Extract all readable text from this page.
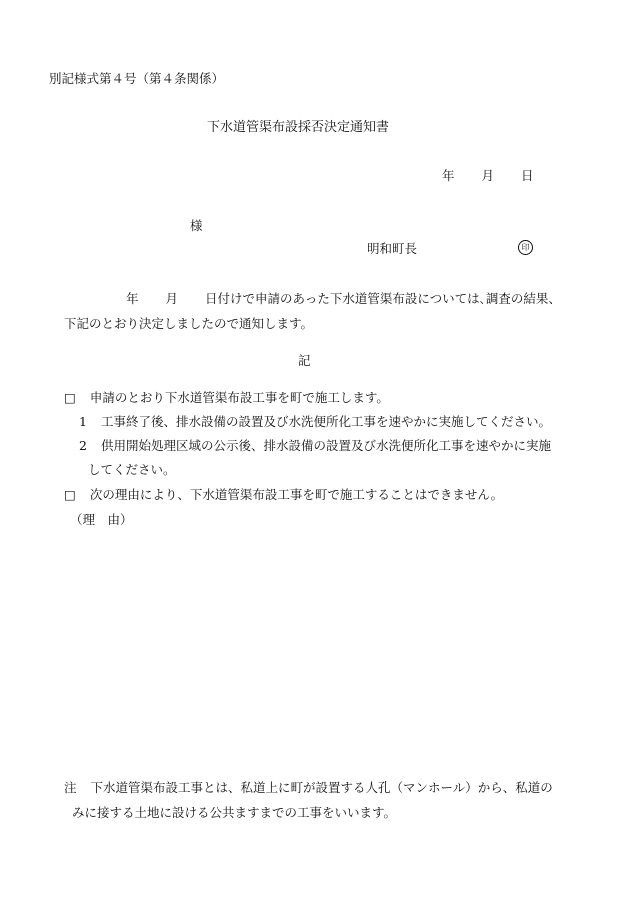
別記様式第４号（第４条関係）
下水道管渠布設採否決定通知書
年 月 日
様
明和町長	印
年 月 日付けで申請のあった下水道管渠布設については､調査の結果、
下記のとおり決定しましたので通知します。
記
□ 申請のとおり下水道管渠布設工事を町で施工します。
1 工事終了後、排水設備の設置及び水洗便所化工事を速やかに実施してください。
2 供用開始処理区域の公示後、排水設備の設置及び水洗便所化工事を速やかに実施
してください。
□ 次の理由により、下水道管渠布設工事を町で施工することはできません。
（理　由）
注 下水道管渠布設工事とは、私道上に町が設置する人孔（マンホール）から、私道の
みに接する土地に設ける公共ますまでの工事をいいます。
